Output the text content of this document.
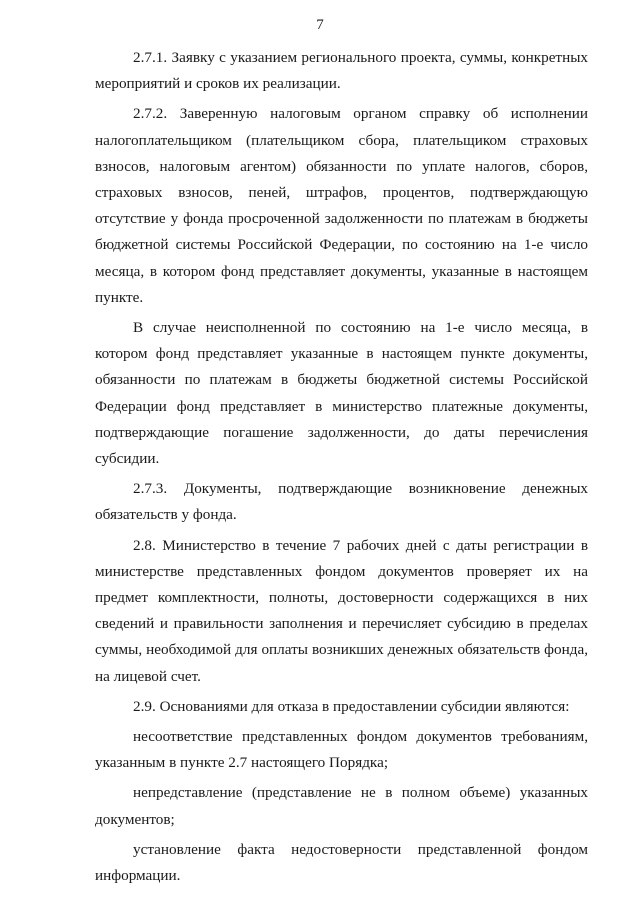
7

2.7.1. Заявку с указанием регионального проекта, суммы, конкретных мероприятий и сроков их реализации.

2.7.2. Заверенную налоговым органом справку об исполнении налогоплательщиком (плательщиком сбора, плательщиком страховых взносов, налоговым агентом) обязанности по уплате налогов, сборов, страховых взносов, пеней, штрафов, процентов, подтверждающую отсутствие у фонда просроченной задолженности по платежам в бюджеты бюджетной системы Российской Федерации, по состоянию на 1-е число месяца, в котором фонд представляет документы, указанные в настоящем пункте.

В случае неисполненной по состоянию на 1-е число месяца, в котором фонд представляет указанные в настоящем пункте документы, обязанности по платежам в бюджеты бюджетной системы Российской Федерации фонд представляет в министерство платежные документы, подтверждающие погашение задолженности, до даты перечисления субсидии.

2.7.3. Документы, подтверждающие возникновение денежных обязательств у фонда.

2.8. Министерство в течение 7 рабочих дней с даты регистрации в министерстве представленных фондом документов проверяет их на предмет комплектности, полноты, достоверности содержащихся в них сведений и правильности заполнения и перечисляет субсидию в пределах суммы, необходимой для оплаты возникших денежных обязательств фонда, на лицевой счет.

2.9. Основаниями для отказа в предоставлении субсидии являются:

несоответствие представленных фондом документов требованиям, указанным в пункте 2.7 настоящего Порядка;

непредставление (представление не в полном объеме) указанных документов;

установление факта недостоверности представленной фондом информации.
